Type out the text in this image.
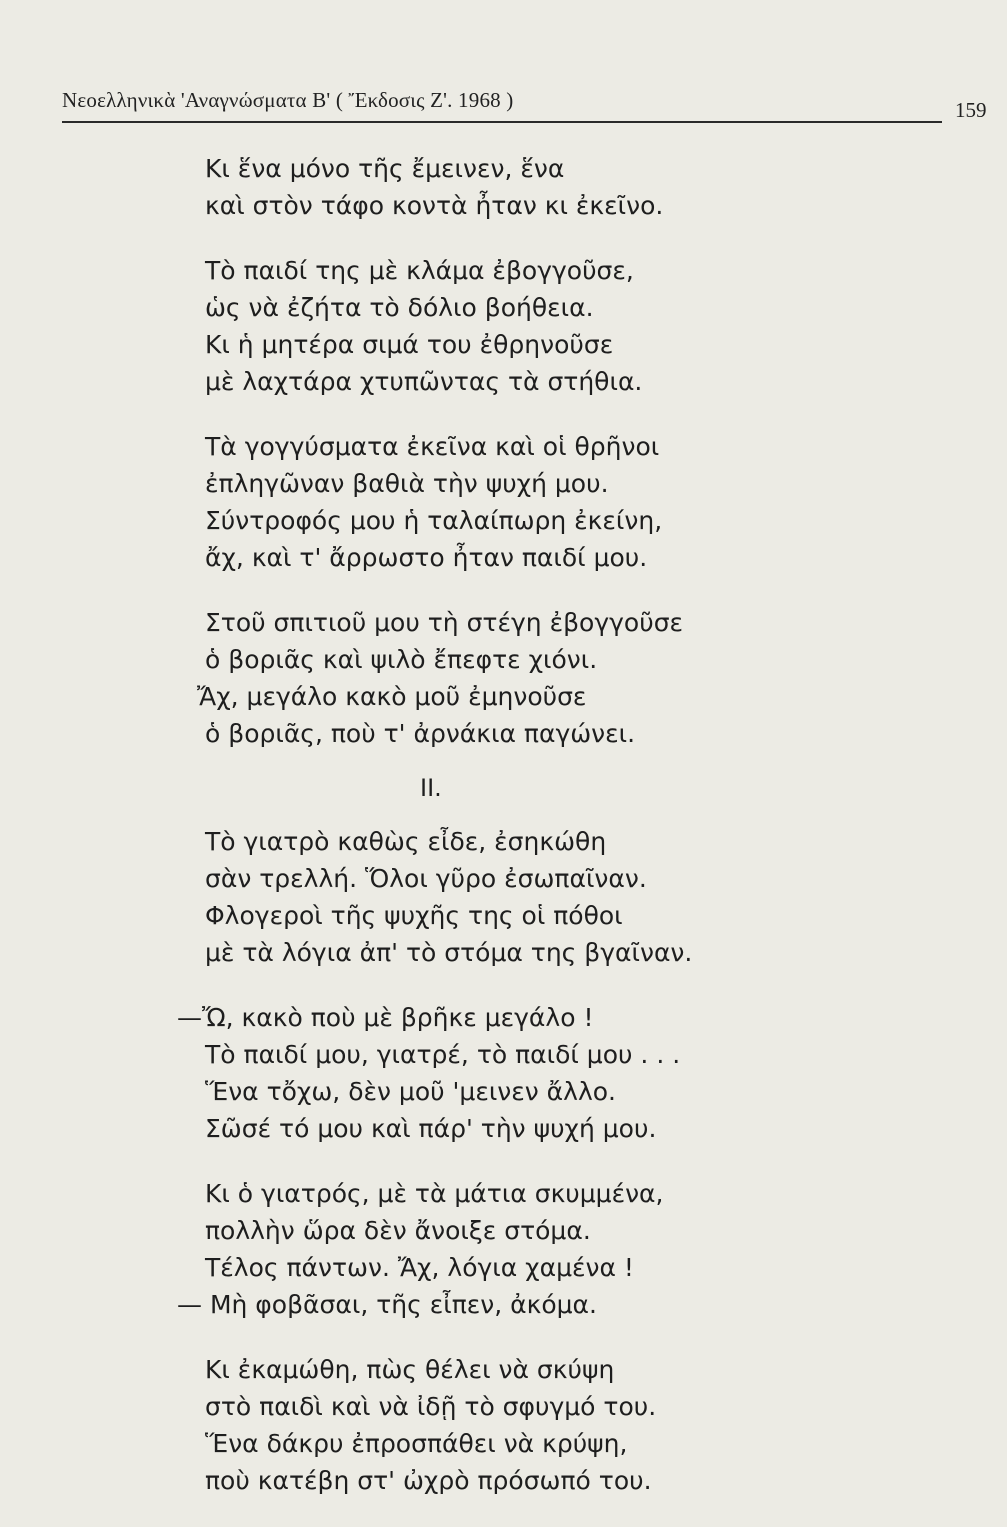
Νεοελληνικὰ 'Αναγνώσματα Β' ( Ἔκδοσις Ζ'. 1968 )	159
Κι ἕνα μόνο τῆς ἔμεινεν, ἕνα
καὶ στὸν τάφο κοντὰ ἦταν κι ἐκεῖνο.
Τὸ παιδί της μὲ κλάμα ἐβογγοῦσε,
ὡς νὰ ἐζήτα τὸ δόλιο βοήθεια.
Κι ἡ μητέρα σιμά του ἐθρηνοῦσε
μὲ λαχτάρα χτυπῶντας τὰ στήθια.
Τὰ γογγύσματα ἐκεῖνα καὶ οἱ θρῆνοι
ἐπληγῶναν βαθιὰ τὴν ψυχή μου.
Σύντροφός μου ἡ ταλαίπωρη ἐκείνη,
ἄχ, καὶ τ' ἄρρωστο ἦταν παιδί μου.
Στοῦ σπιτιοῦ μου τὴ στέγη ἐβογγοῦσε
ὁ βοριᾶς καὶ ψιλὸ ἔπεφτε χιόνι.
Ἄχ, μεγάλο κακὸ μοῦ ἐμηνοῦσε
ὁ βοριᾶς, ποὺ τ' ἀρνάκια παγώνει.
II.
Τὸ γιατρὸ καθὼς εἶδε, ἐσηκώθη
σὰν τρελλή. Ὅλοι γῦρο ἐσωπαῖναν.
Φλογεροὶ τῆς ψυχῆς της οἱ πόθοι
μὲ τὰ λόγια ἀπ' τὸ στόμα της βγαῖναν.
—Ὤ, κακὸ ποὺ μὲ βρῆκε μεγάλο !
Τὸ παιδί μου, γιατρέ, τὸ παιδί μου . . .
Ἕνα τὄχω, δὲν μοῦ 'μεινεν ἄλλο.
Σῶσέ τό μου καὶ πάρ' τὴν ψυχή μου.
Κι ὁ γιατρός, μὲ τὰ μάτια σκυμμένα,
πολλὴν ὥρα δὲν ἄνοιξε στόμα.
Τέλος πάντων. Ἄχ, λόγια χαμένα !
— Μὴ φοβᾶσαι, τῆς εἶπεν, ἀκόμα.
Κι ἐκαμώθη, πὼς θέλει νὰ σκύψη
στὸ παιδὶ καὶ νὰ ἰδῇ τὸ σφυγμό του.
Ἕνα δάκρυ ἐπροσπάθει νὰ κρύψη,
ποὺ κατέβη στ' ὠχρὸ πρόσωπό του.
